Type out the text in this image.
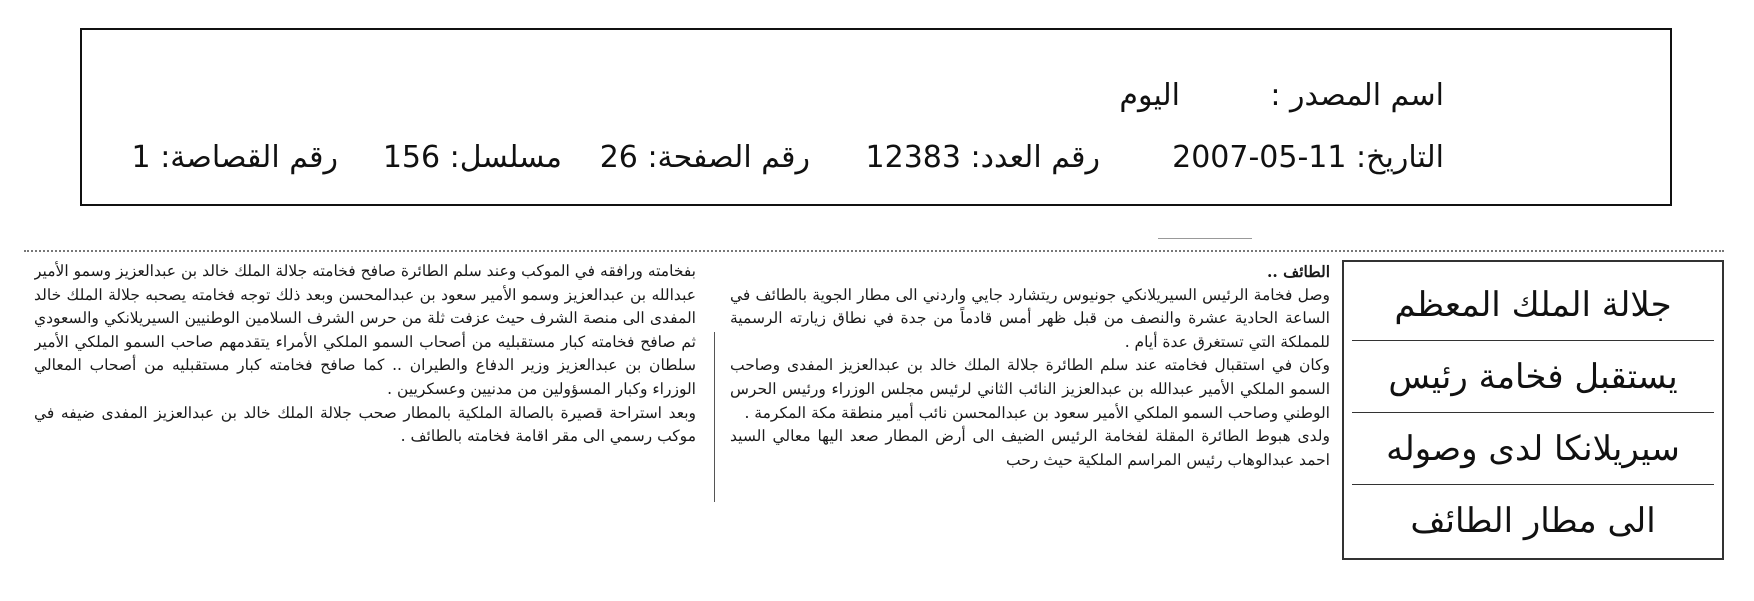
اسم المصدر :
اليوم
التاريخ: 2007-05-11
رقم العدد: 12383
رقم الصفحة: 26
مسلسل: 156
رقم القصاصة: 1

بفخامته ورافقه في الموكب وعند سلم الطائرة صافح فخامته جلالة الملك خالد بن عبدالعزيز وسمو الأمير عبدالله بن عبدالعزيز وسمو الأمير سعود بن عبدالمحسن وبعد ذلك توجه فخامته يصحبه جلالة الملك خالد المفدى الى منصة الشرف حيث عزفت ثلة من حرس الشرف السلامين الوطنيين السيريلانكي والسعودي ثم صافح فخامته كبار مستقبليه من أصحاب السمو الملكي الأمراء يتقدمهم صاحب السمو الملكي الأمير سلطان بن عبدالعزيز وزير الدفاع والطيران .. كما صافح فخامته كبار مستقبليه من أصحاب المعالي الوزراء وكبار المسؤولين من مدنيين وعسكريين .

وبعد استراحة قصيرة بالصالة الملكية بالمطار صحب جلالة الملك خالد بن عبدالعزيز المفدى ضيفه في موكب رسمي الى مقر اقامة فخامته بالطائف .

الطائف ..

وصل فخامة الرئيس السيريلانكي جونيوس ريتشارد جايي واردني الى مطار الجوية بالطائف في الساعة الحادية عشرة والنصف من قبل ظهر أمس قادماً من جدة في نطاق زيارته الرسمية للمملكة التي تستغرق عدة أيام .

وكان في استقبال فخامته عند سلم الطائرة جلالة الملك خالد بن عبدالعزيز المفدى وصاحب السمو الملكي الأمير عبدالله بن عبدالعزيز النائب الثاني لرئيس مجلس الوزراء ورئيس الحرس الوطني وصاحب السمو الملكي الأمير سعود بن عبدالمحسن نائب أمير منطقة مكة المكرمة .

ولدى هبوط الطائرة المقلة لفخامة الرئيس الضيف الى أرض المطار صعد اليها معالي السيد احمد عبدالوهاب رئيس المراسم الملكية حيث رحب

جلالة الملك المعظم
يستقبل فخامة رئيس
سيريلانكا لدى وصوله
الى مطار الطائف
